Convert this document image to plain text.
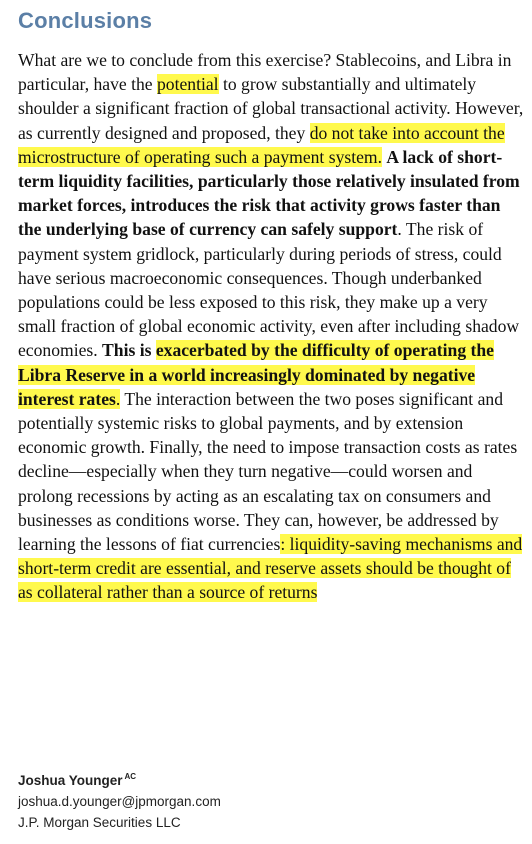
Conclusions
What are we to conclude from this exercise? Stablecoins, and Libra in particular, have the potential to grow substantially and ultimately shoulder a significant fraction of global transactional activity. However, as currently designed and proposed, they do not take into account the microstructure of operating such a payment system. A lack of short-term liquidity facilities, particularly those relatively insulated from market forces, introduces the risk that activity grows faster than the underlying base of currency can safely support. The risk of payment system gridlock, particularly during periods of stress, could have serious macroeconomic consequences. Though underbanked populations could be less exposed to this risk, they make up a very small fraction of global economic activity, even after including shadow economies. This is exacerbated by the difficulty of operating the Libra Reserve in a world increasingly dominated by negative interest rates. The interaction between the two poses significant and potentially systemic risks to global payments, and by extension economic growth. Finally, the need to impose transaction costs as rates decline—especially when they turn negative—could worsen and prolong recessions by acting as an escalating tax on consumers and businesses as conditions worse. They can, however, be addressed by learning the lessons of fiat currencies: liquidity-saving mechanisms and short-term credit are essential, and reserve assets should be thought of as collateral rather than a source of returns
Joshua Younger $^{AC}$
joshua.d.younger@jpmorgan.com
J.P. Morgan Securities LLC
